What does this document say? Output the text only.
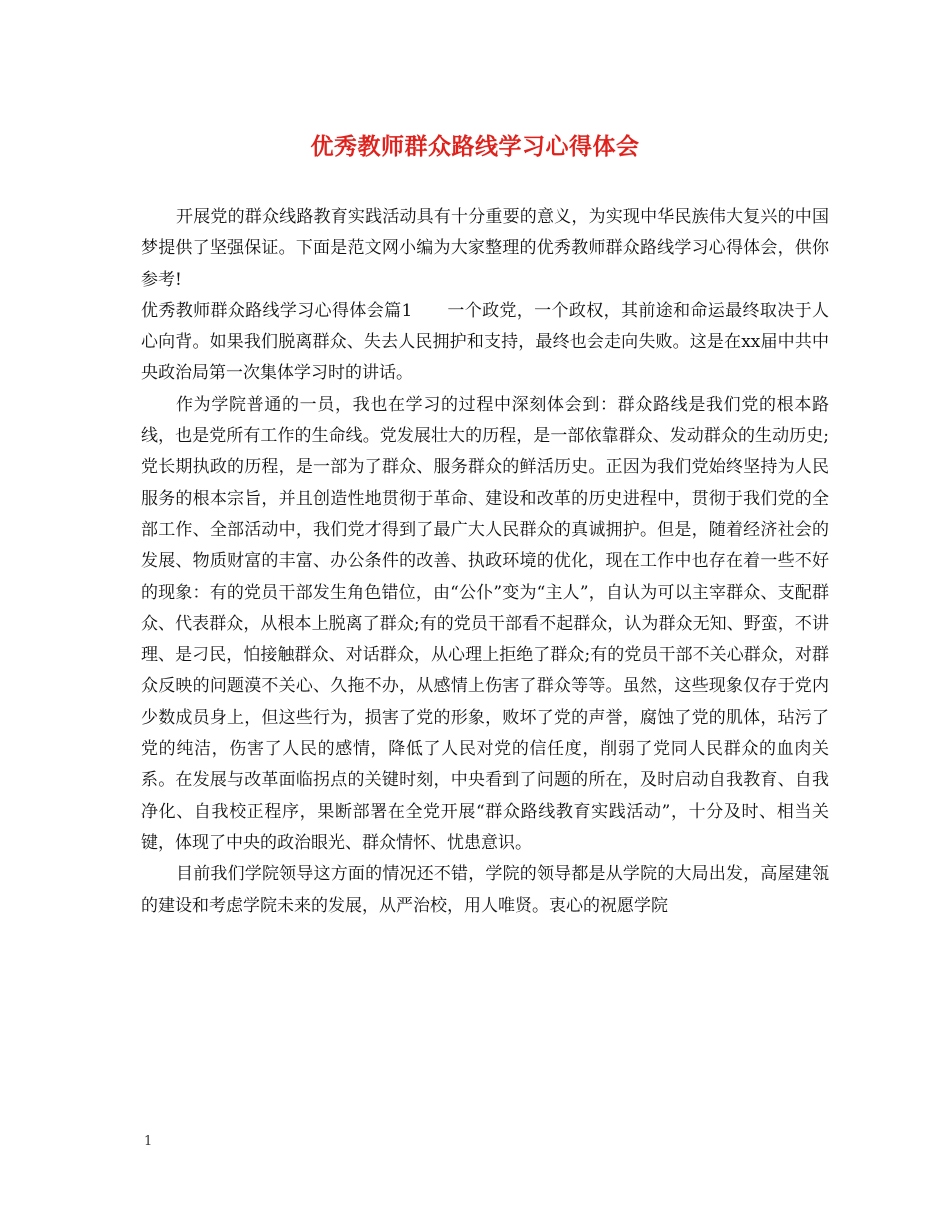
优秀教师群众路线学习心得体会

开展党的群众线路教育实践活动具有十分重要的意义，为实现中华民族伟大复兴的中国梦提供了坚强保证。下面是范文网小编为大家整理的优秀教师群众路线学习心得体会，供你参考!

优秀教师群众路线学习心得体会篇1　　一个政党，一个政权，其前途和命运最终取决于人心向背。如果我们脱离群众、失去人民拥护和支持，最终也会走向失败。这是在xx届中共中央政治局第一次集体学习时的讲话。

作为学院普通的一员，我也在学习的过程中深刻体会到：群众路线是我们党的根本路线，也是党所有工作的生命线。党发展壮大的历程，是一部依靠群众、发动群众的生动历史;党长期执政的历程，是一部为了群众、服务群众的鲜活历史。正因为我们党始终坚持为人民服务的根本宗旨，并且创造性地贯彻于革命、建设和改革的历史进程中，贯彻于我们党的全部工作、全部活动中，我们党才得到了最广大人民群众的真诚拥护。但是，随着经济社会的发展、物质财富的丰富、办公条件的改善、执政环境的优化，现在工作中也存在着一些不好的现象：有的党员干部发生角色错位，由“公仆”变为“主人”，自认为可以主宰群众、支配群众、代表群众，从根本上脱离了群众;有的党员干部看不起群众，认为群众无知、野蛮，不讲理、是刁民，怕接触群众、对话群众，从心理上拒绝了群众;有的党员干部不关心群众，对群众反映的问题漠不关心、久拖不办，从感情上伤害了群众等等。虽然，这些现象仅存于党内少数成员身上，但这些行为，损害了党的形象，败坏了党的声誉，腐蚀了党的肌体，玷污了党的纯洁，伤害了人民的感情，降低了人民对党的信任度，削弱了党同人民群众的血肉关系。在发展与改革面临拐点的关键时刻，中央看到了问题的所在，及时启动自我教育、自我净化、自我校正程序，果断部署在全党开展“群众路线教育实践活动”，十分及时、相当关键，体现了中央的政治眼光、群众情怀、忧患意识。

目前我们学院领导这方面的情况还不错，学院的领导都是从学院的大局出发，高屋建瓴的建设和考虑学院未来的发展，从严治校，用人唯贤。衷心的祝愿学院

1
